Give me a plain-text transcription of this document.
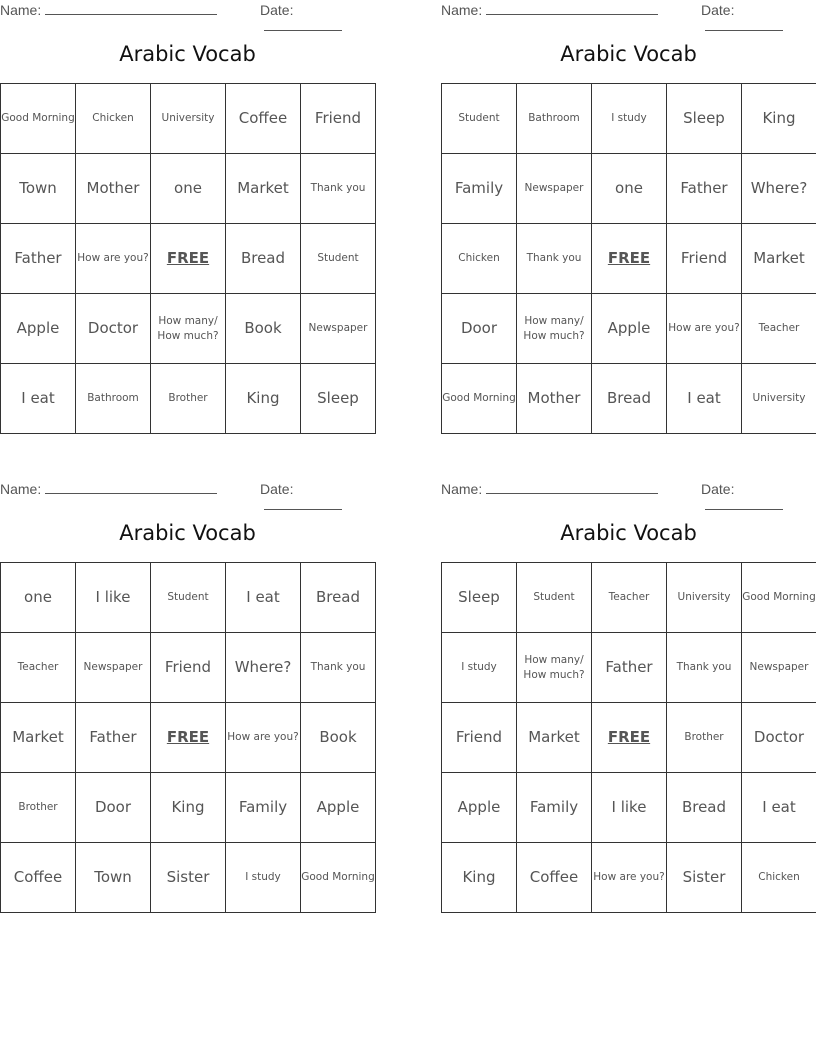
Name:	Date:
Arabic Vocab
Good Morning	Chicken	University	Coffee	Friend
Town	Mother	one	Market	Thank you
Father	How are you?	FREE	Bread	Student
Apple	Doctor	How many/ How much?	Book	Newspaper
I eat	Bathroom	Brother	King	Sleep
Name:	Date:
Arabic Vocab
Student	Bathroom	I study	Sleep	King
Family	Newspaper	one	Father	Where?
Chicken	Thank you	FREE	Friend	Market
Door	How many/ How much?	Apple	How are you?	Teacher
Good Morning	Mother	Bread	I eat	University
Name:	Date:
Arabic Vocab
one	I like	Student	I eat	Bread
Teacher	Newspaper	Friend	Where?	Thank you
Market	Father	FREE	How are you?	Book
Brother	Door	King	Family	Apple
Coffee	Town	Sister	I study	Good Morning
Name:	Date:
Arabic Vocab
Sleep	Student	Teacher	University	Good Morning
I study	How many/ How much?	Father	Thank you	Newspaper
Friend	Market	FREE	Brother	Doctor
Apple	Family	I like	Bread	I eat
King	Coffee	How are you?	Sister	Chicken
